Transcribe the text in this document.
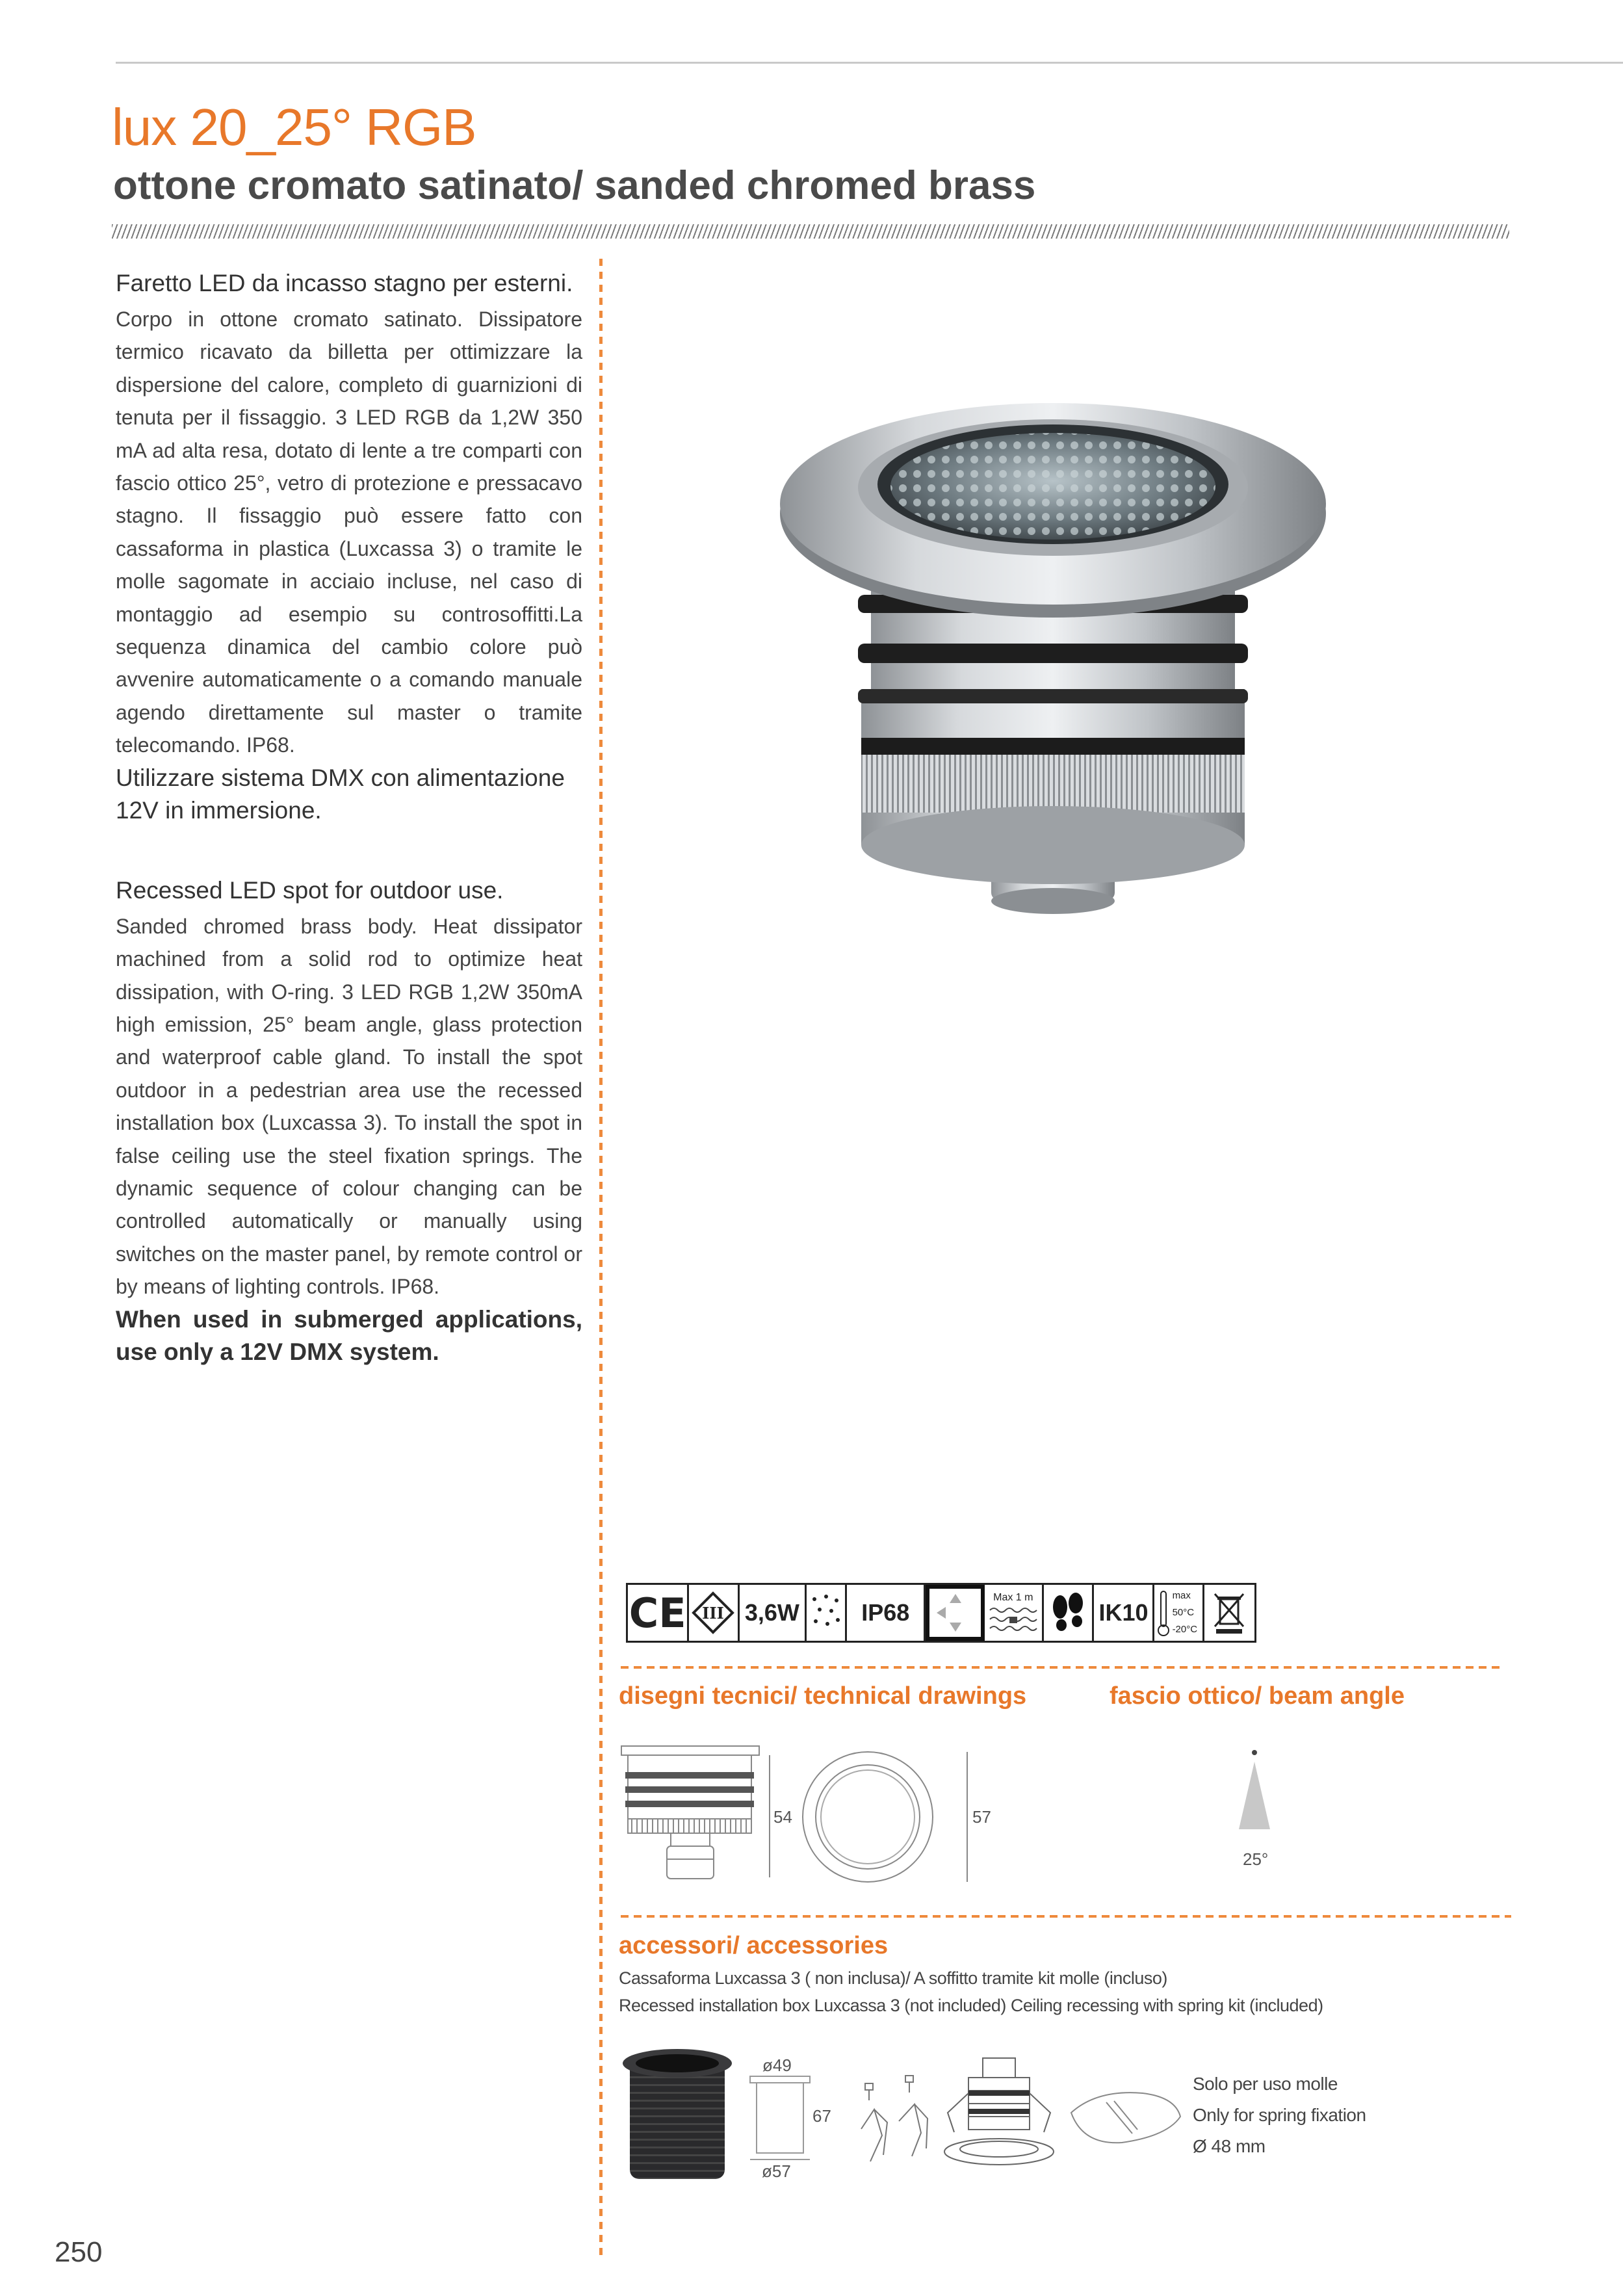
lux 20_25° RGB
ottone cromato satinato/ sanded chromed brass
Faretto LED da incasso stagno per esterni.

Corpo in ottone cromato satinato. Dissipatore termico ricavato da billetta per ottimizzare la dispersione del calore, completo di guarnizioni di tenuta per il fissaggio. 3 LED RGB da 1,2W 350 mA ad alta resa, dotato di lente a tre comparti con fascio ottico 25°, vetro di protezione e pressacavo stagno. Il fissaggio può essere fatto con cassaforma in plastica (Luxcassa 3) o tramite le molle sagomate in acciaio incluse, nel caso di montaggio ad esempio su controsoffitti.La sequenza dinamica del cambio colore può avvenire automaticamente o a comando manuale agendo direttamente sul master o tramite telecomando. IP68.

Utilizzare sistema DMX con alimentazione 12V in immersione.

Recessed LED spot for outdoor use.

Sanded chromed brass body. Heat dissipator machined from a solid rod to optimize heat dissipation, with O-ring. 3 LED RGB 1,2W 350mA high emission, 25° beam angle, glass protection and waterproof cable gland. To install the spot outdoor in a pedestrian area use the recessed installation box (Luxcassa 3). To install the spot in false ceiling use the steel fixation springs. The dynamic sequence of colour changing can be controlled automatically or manually using switches on the master panel, by remote control or by means of lighting controls. IP68.

When used in submerged applications, use only a 12V DMX system.

CE III 3,6W	IP68
Max 1 m
IK10
max
50°C
-20°C
disegni tecnici/ technical drawings	fascio ottico/ beam angle
54	57
25°
accessori/ accessories
Cassaforma Luxcassa 3 ( non inclusa)/ A soffitto tramite kit molle (incluso)
Recessed installation box Luxcassa 3 (not included) Ceiling recessing with spring kit (included)
ø49
67
ø57
Solo per uso molle
Only for spring fixation
Ø 48 mm
250
